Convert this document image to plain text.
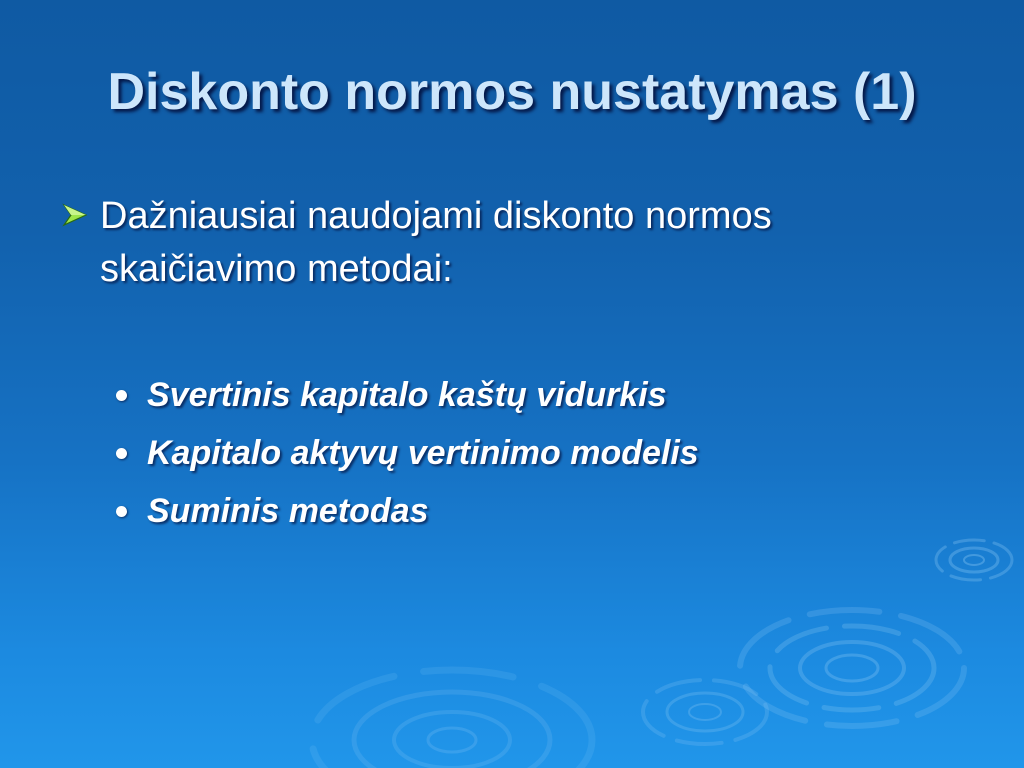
Diskonto normos nustatymas (1)
Dažniausiai naudojami diskonto normos skaičiavimo metodai:
Svertinis kapitalo kaštų vidurkis
Kapitalo aktyvų vertinimo modelis
Suminis metodas
